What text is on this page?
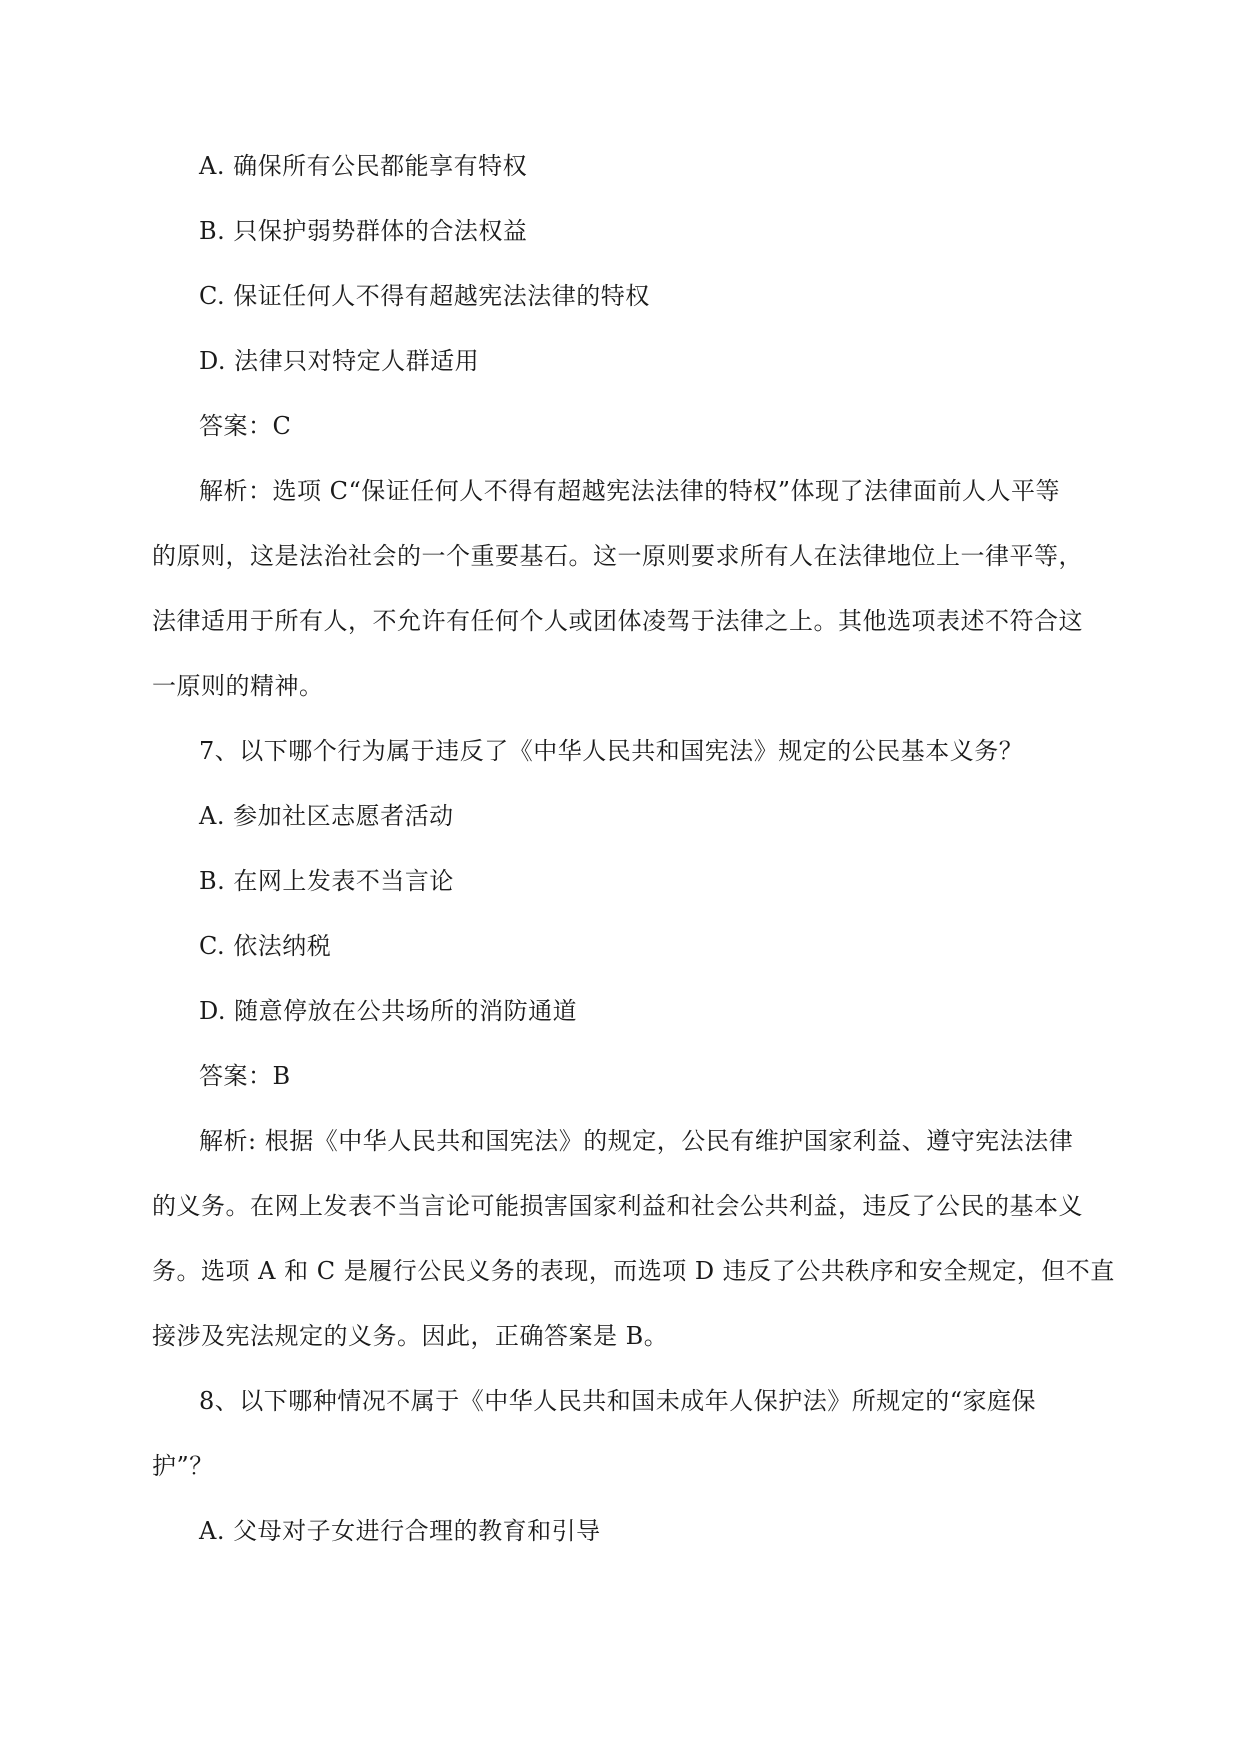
A. 确保所有公民都能享有特权
B. 只保护弱势群体的合法权益
C. 保证任何人不得有超越宪法法律的特权
D. 法律只对特定人群适用
答案：C
解析：选项 C“保证任何人不得有超越宪法法律的特权”体现了法律面前人人平等
的原则，这是法治社会的一个重要基石。这一原则要求所有人在法律地位上一律平等，
法律适用于所有人，不允许有任何个人或团体凌驾于法律之上。其他选项表述不符合这
一原则的精神。
7、以下哪个行为属于违反了《中华人民共和国宪法》规定的公民基本义务？
A. 参加社区志愿者活动
B. 在网上发表不当言论
C. 依法纳税
D. 随意停放在公共场所的消防通道
答案：B
解析: 根据《中华人民共和国宪法》的规定，公民有维护国家利益、遵守宪法法律
的义务。在网上发表不当言论可能损害国家利益和社会公共利益，违反了公民的基本义
务。选项 A 和 C 是履行公民义务的表现，而选项 D 违反了公共秩序和安全规定，但不直
接涉及宪法规定的义务。因此，正确答案是 B。
8、以下哪种情况不属于《中华人民共和国未成年人保护法》所规定的“家庭保
护”？
A. 父母对子女进行合理的教育和引导
